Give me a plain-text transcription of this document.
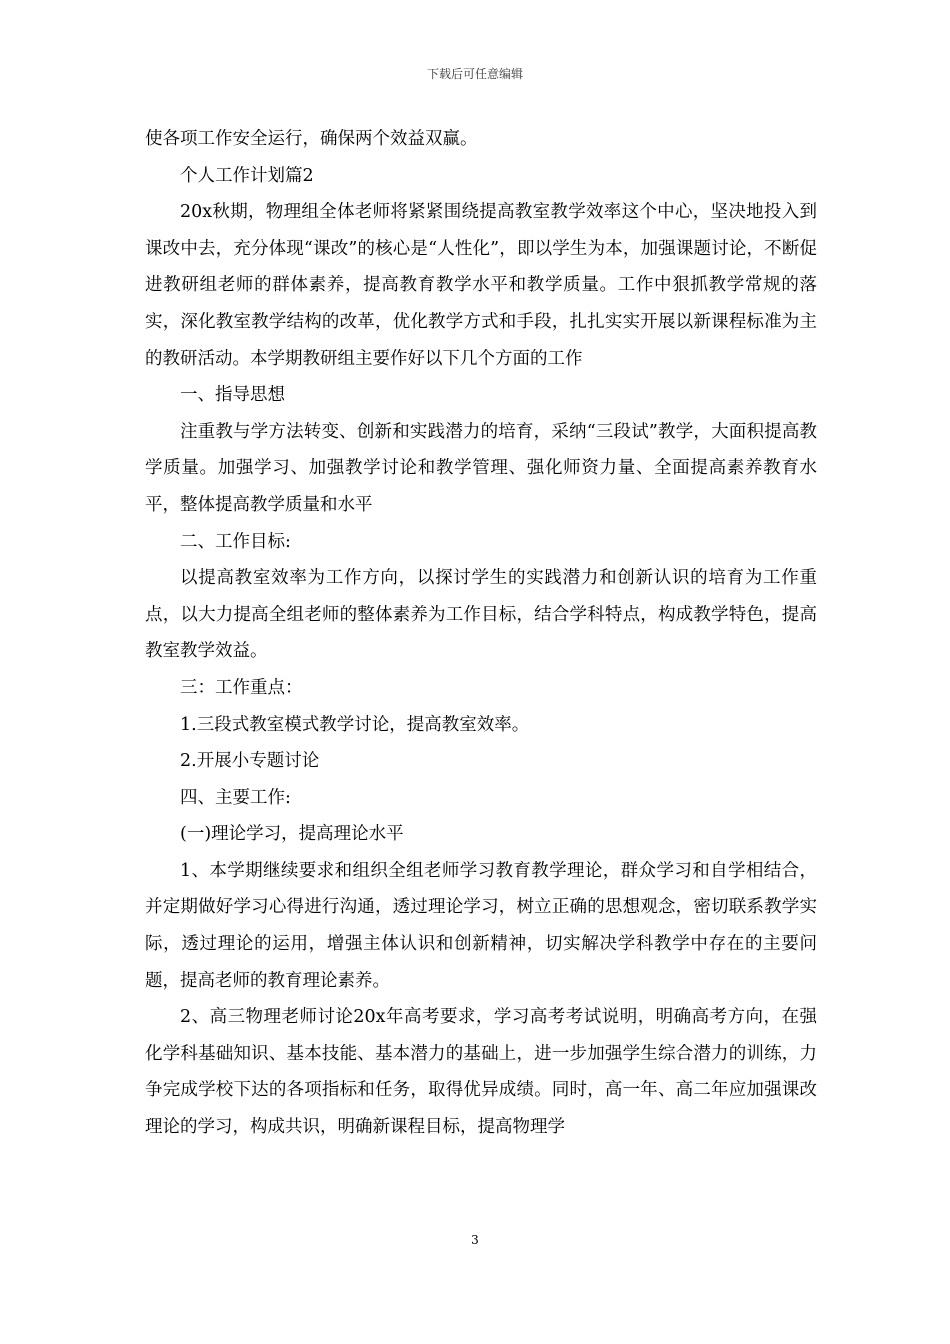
下载后可任意编辑

使各项工作安全运行，确保两个效益双赢。

个人工作计划篇2

20x秋期，物理组全体老师将紧紧围绕提高教室教学效率这个中心，坚决地投入到课改中去，充分体现“课改”的核心是“人性化”，即以学生为本，加强课题讨论，不断促进教研组老师的群体素养，提高教育教学水平和教学质量。工作中狠抓教学常规的落实，深化教室教学结构的改革，优化教学方式和手段，扎扎实实开展以新课程标准为主的教研活动。本学期教研组主要作好以下几个方面的工作

一、指导思想

注重教与学方法转变、创新和实践潜力的培育，采纳“三段试”教学，大面积提高教学质量。加强学习、加强教学讨论和教学管理、强化师资力量、全面提高素养教育水平，整体提高教学质量和水平

二、工作目标:

以提高教室效率为工作方向，以探讨学生的实践潜力和创新认识的培育为工作重点，以大力提高全组老师的整体素养为工作目标，结合学科特点，构成教学特色，提高教室教学效益。

三：工作重点：

1.三段式教室模式教学讨论，提高教室效率。

2.开展小专题讨论

四、主要工作:

(一)理论学习，提高理论水平

1、本学期继续要求和组织全组老师学习教育教学理论，群众学习和自学相结合，并定期做好学习心得进行沟通，透过理论学习，树立正确的思想观念，密切联系教学实际，透过理论的运用，增强主体认识和创新精神，切实解决学科教学中存在的主要问题，提高老师的教育理论素养。

2、高三物理老师讨论20x年高考要求，学习高考考试说明，明确高考方向，在强化学科基础知识、基本技能、基本潜力的基础上，进一步加强学生综合潜力的训练，力争完成学校下达的各项指标和任务，取得优异成绩。同时，高一年、高二年应加强课改理论的学习，构成共识，明确新课程目标，提高物理学

3
